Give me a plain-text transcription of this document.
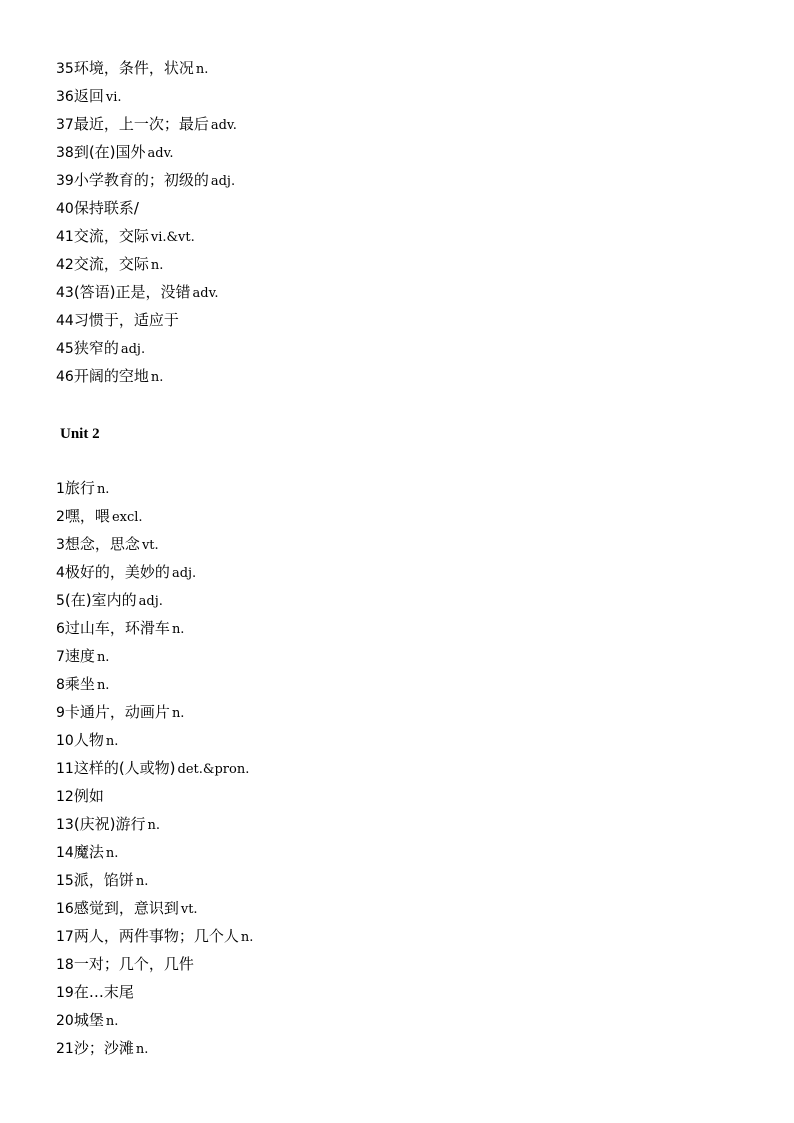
35环境，条件，状况 n.
36返回 vi.
37最近，上一次；最后 adv.
38到(在)国外 adv.
39小学教育的；初级的 adj.
40保持联系/
41交流，交际 vi.&vt.
42交流，交际 n.
43(答语)正是，没错 adv.
44习惯于，适应于
45狭窄的 adj.
46开阔的空地 n.
Unit 2
1旅行 n.
2嘿，喂 excl.
3想念，思念 vt.
4极好的，美妙的 adj.
5(在)室内的 adj.
6过山车，环滑车 n.
7速度 n.
8乘坐 n.
9卡通片，动画片 n.
10人物 n.
11这样的(人或物) det.&pron.
12例如
13(庆祝)游行 n.
14魔法 n.
15派，馅饼 n.
16感觉到，意识到 vt.
17两人，两件事物；几个人 n.
18一对；几个，几件
19在…末尾
20城堡 n.
21沙；沙滩 n.
